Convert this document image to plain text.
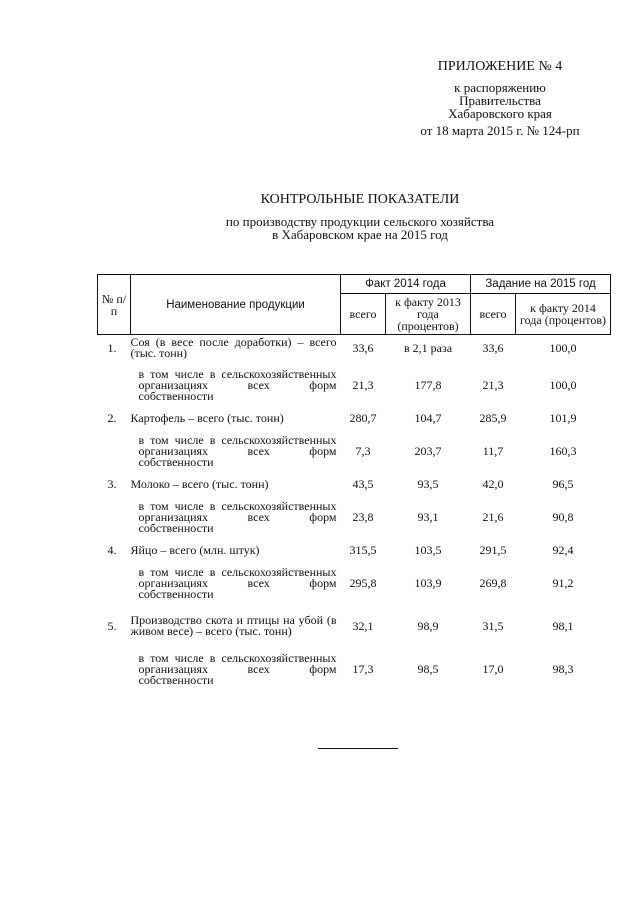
ПРИЛОЖЕНИЕ № 4
к распоряжению
Правительства
Хабаровского края
от 18 марта 2015 г. № 124-рп
КОНТРОЛЬНЫЕ ПОКАЗАТЕЛИ
по производству продукции сельского хозяйства
в Хабаровском крае на 2015 год
№ п/п	Наименование продукции	Факт 2014 года		Задание на 2015 год	
		всего	к факту 2013 года (процентов)	всего	к факту 2014 года (процентов)
1.	Соя (в весе после доработки) – всего (тыс. тонн)	33,6	в 2,1 раза	33,6	100,0
	в том числе в сельскохозяйственных организациях всех форм собственности	21,3	177,8	21,3	100,0
2.	Картофель – всего (тыс. тонн)	280,7	104,7	285,9	101,9
	в том числе в сельскохозяйственных организациях всех форм собственности	7,3	203,7	11,7	160,3
3.	Молоко – всего (тыс. тонн)	43,5	93,5	42,0	96,5
	в том числе в сельскохозяйственных организациях всех форм собственности	23,8	93,1	21,6	90,8
4.	Яйцо – всего (млн. штук)	315,5	103,5	291,5	92,4
	в том числе в сельскохозяйственных организациях всех форм собственности	295,8	103,9	269,8	91,2
5.	Производство скота и птицы на убой (в живом весе) – всего (тыс. тонн)	32,1	98,9	31,5	98,1
	в том числе в сельскохозяйственных организациях всех форм собственности	17,3	98,5	17,0	98,3
